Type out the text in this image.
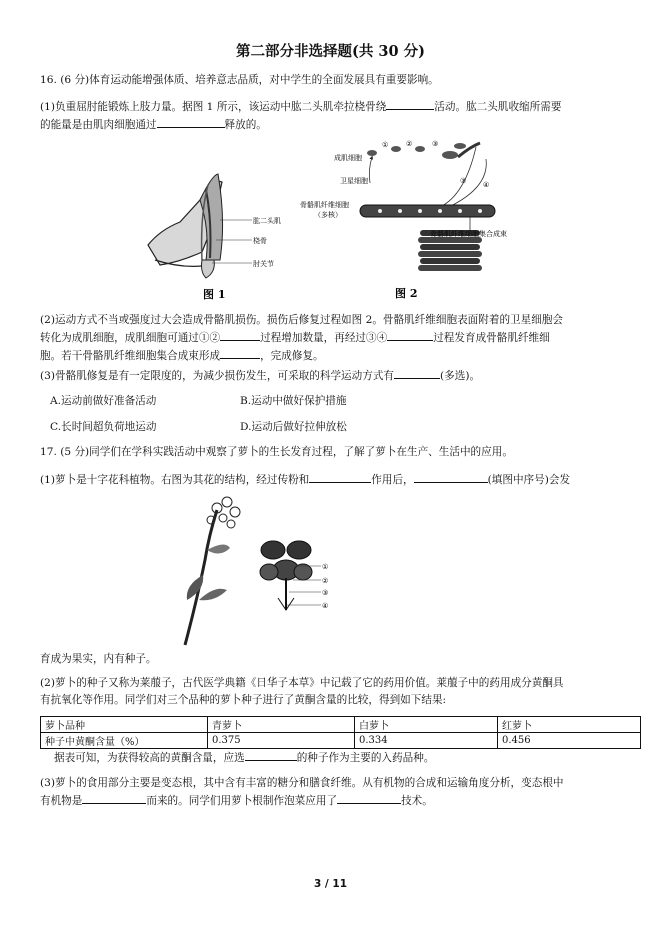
第二部分非选择题(共 30 分)
16. (6 分)体育运动能增强体质、培养意志品质，对中学生的全面发展具有重要影响。
(1)负重屈肘能锻炼上肢力量。据图 1 所示，该运动中肱二头肌牵拉桡骨绕	活动。肱二头肌收缩所需要
的能量是由肌肉细胞通过	释放的。
肱二头肌
桡骨
肘关节
图 1
成肌细胞
卫星细胞
骨骼肌纤维细胞
（多核）
①	②	③
③ ④
骨骼肌纤维细胞集合成束
图 2
(2)运动方式不当或强度过大会造成骨骼肌损伤。损伤后修复过程如图 2。骨骼肌纤维细胞表面附着的卫星细胞会
转化为成肌细胞，成肌细胞可通过①②	过程增加数量，再经过③④	过程发育成骨骼肌纤维细
胞。若干骨骼肌纤维细胞集合成束形成	，完成修复。
(3)骨骼肌修复是有一定限度的，为减少损伤发生，可采取的科学运动方式有	(多选)。
A.运动前做好准备活动	B.运动中做好保护措施
C.长时间超负荷地运动	D.运动后做好拉伸放松
17. (5 分)同学们在学科实践活动中观察了萝卜的生长发育过程，了解了萝卜在生产、生活中的应用。
(1)萝卜是十字花科植物。右图为其花的结构，经过传粉和	作用后，	(填图中序号)会发
①
②
③
④
育成为果实，内有种子。
(2)萝卜的种子又称为莱菔子，古代医学典籍《日华子本草》中记载了它的药用价值。莱菔子中的药用成分黄酮具
有抗氧化等作用。同学们对三个品种的萝卜种子进行了黄酮含量的比较，得到如下结果:
萝卜品种	青萝卜	白萝卜	红萝卜
种子中黄酮含量（%）	0.375	0.334	0.456
据表可知，为获得较高的黄酮含量，应选	的种子作为主要的入药品种。
(3)萝卜的食用部分主要是变态根，其中含有丰富的糖分和膳食纤维。从有机物的合成和运输角度分析，变态根中
有机物是	而来的。同学们用萝卜根制作泡菜应用了	技术。
3 / 11
